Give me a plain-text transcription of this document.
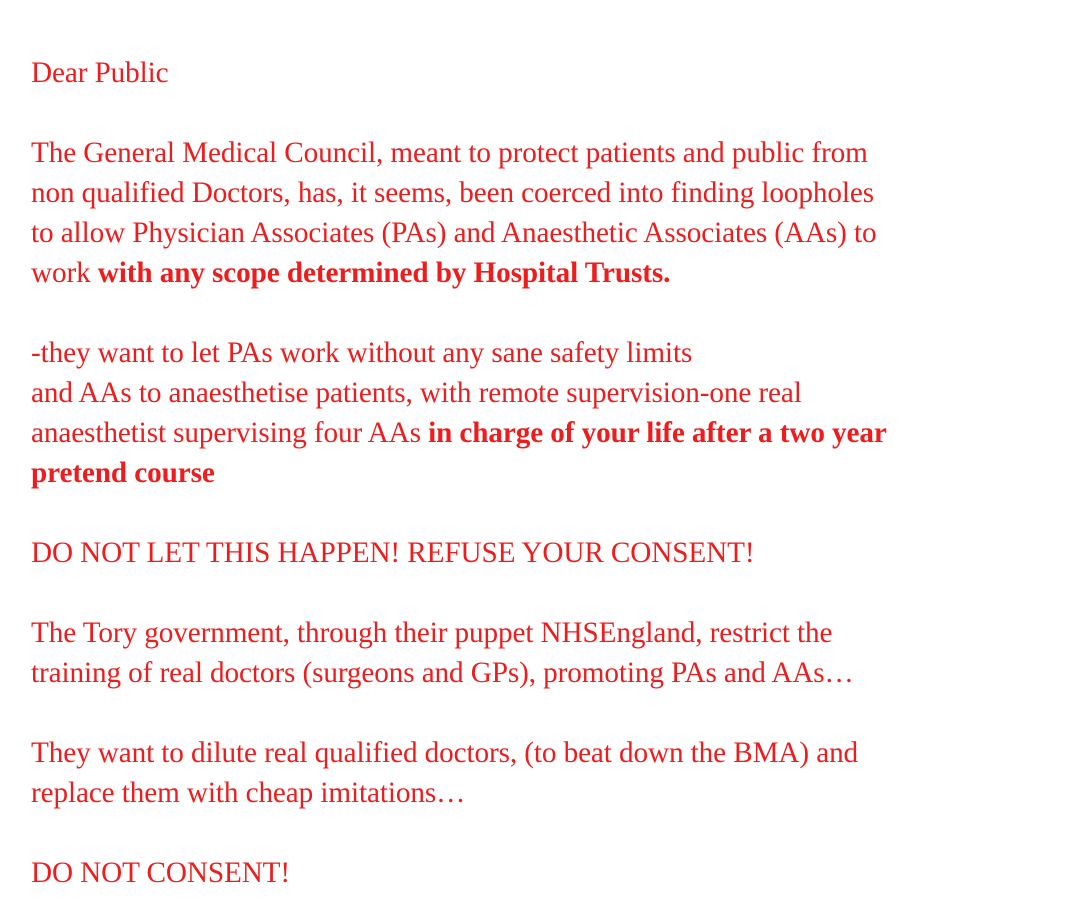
Dear Public
The General Medical Council, meant to protect patients and public from
non qualified Doctors, has, it seems, been coerced into finding loopholes
to allow Physician Associates (PAs) and Anaesthetic Associates (AAs) to
work with any scope determined by Hospital Trusts.
-they want to let PAs work without any sane safety limits
and AAs to anaesthetise patients, with remote supervision-one real
anaesthetist supervising four AAs in charge of your life after a two year
pretend course
DO NOT LET THIS HAPPEN! REFUSE YOUR CONSENT!
The Tory government, through their puppet NHSEngland, restrict the
training of real doctors (surgeons and GPs), promoting PAs and AAs…
They want to dilute real qualified doctors, (to beat down the BMA) and
replace them with cheap imitations…
DO NOT CONSENT!
